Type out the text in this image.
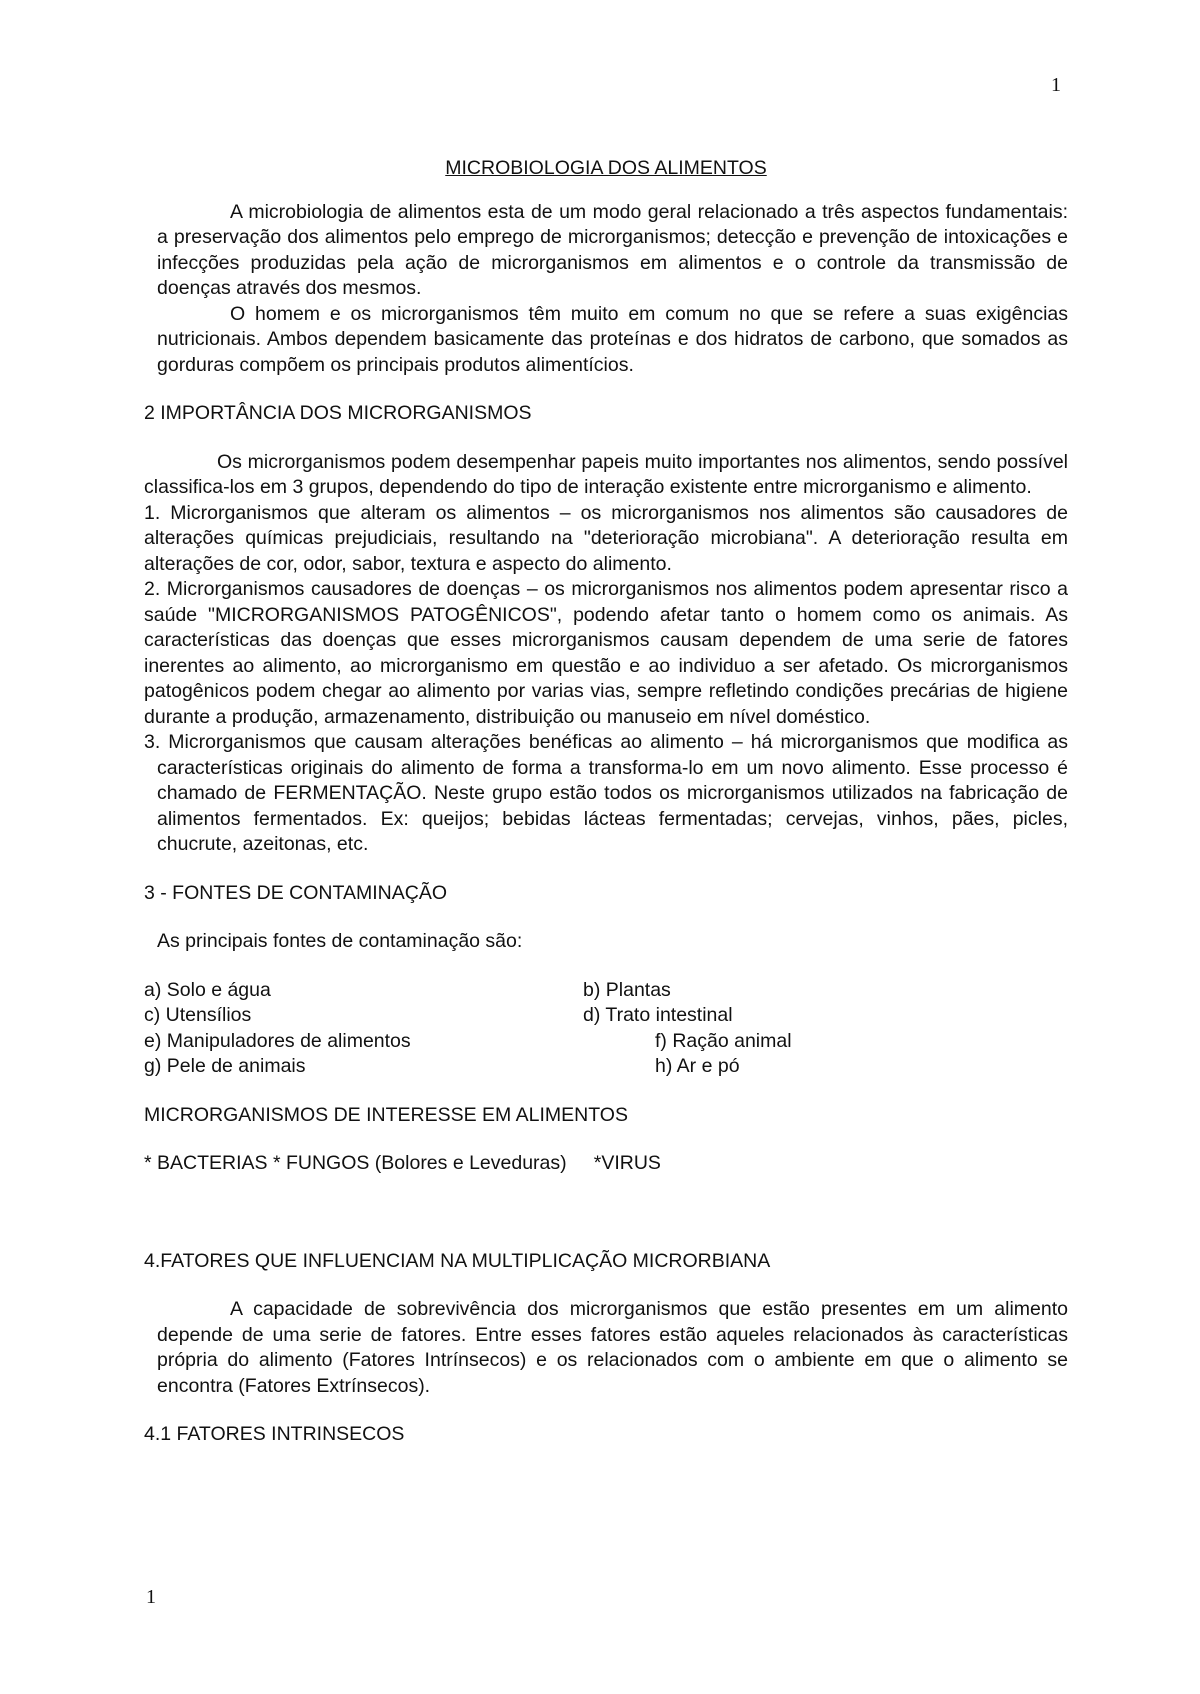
1

MICROBIOLOGIA DOS ALIMENTOS

A microbiologia de alimentos esta de um modo geral relacionado a três aspectos fundamentais: a preservação dos alimentos pelo emprego de microrganismos; detecção e prevenção de intoxicações e infecções produzidas pela ação de microrganismos em alimentos e o controle da transmissão de doenças através dos mesmos.

O homem e os microrganismos têm muito em comum no que se refere a suas exigências nutricionais. Ambos dependem basicamente das proteínas e dos hidratos de carbono, que somados as gorduras compõem os principais produtos alimentícios.

2 IMPORTÂNCIA DOS MICRORGANISMOS

Os microrganismos podem desempenhar papeis muito importantes nos alimentos, sendo possível classifica-los em 3 grupos, dependendo do tipo de interação existente entre microrganismo e alimento.

1. Microrganismos que alteram os alimentos – os microrganismos nos alimentos são causadores de alterações químicas prejudiciais, resultando na "deterioração microbiana". A deterioração resulta em alterações de cor, odor, sabor, textura e aspecto do alimento.

2. Microrganismos causadores de doenças – os microrganismos nos alimentos podem apresentar risco a saúde "MICRORGANISMOS PATOGÊNICOS", podendo afetar tanto o homem como os animais. As características das doenças que esses microrganismos causam dependem de uma serie de fatores inerentes ao alimento, ao microrganismo em questão e ao individuo a ser afetado. Os microrganismos patogênicos podem chegar ao alimento por varias vias, sempre refletindo condições precárias de higiene durante a produção, armazenamento, distribuição ou manuseio em nível doméstico.

3. Microrganismos que causam alterações benéficas ao alimento – há microrganismos que modifica as características originais do alimento de forma a transforma-lo em um novo alimento. Esse processo é chamado de FERMENTAÇÃO. Neste grupo estão todos os microrganismos utilizados na fabricação de alimentos fermentados. Ex: queijos; bebidas lácteas fermentadas; cervejas, vinhos, pães, picles, chucrute, azeitonas, etc.

3 - FONTES DE CONTAMINAÇÃO

As principais fontes de contaminação são:

a) Solo e água	b) Plantas
c) Utensílios	d) Trato intestinal
e) Manipuladores de alimentos	f) Ração animal
g) Pele de animais	h) Ar e pó

MICRORGANISMOS DE INTERESSE EM ALIMENTOS

* BACTERIAS * FUNGOS (Bolores e Leveduras)     *VIRUS

4.FATORES QUE INFLUENCIAM NA MULTIPLICAÇÃO MICRORBIANA

A capacidade de sobrevivência dos microrganismos que estão presentes em um alimento depende de uma serie de fatores. Entre esses fatores estão aqueles relacionados às características própria do alimento (Fatores Intrínsecos) e os relacionados com o ambiente em que o alimento se encontra (Fatores Extrínsecos).

4.1 FATORES INTRINSECOS

1
